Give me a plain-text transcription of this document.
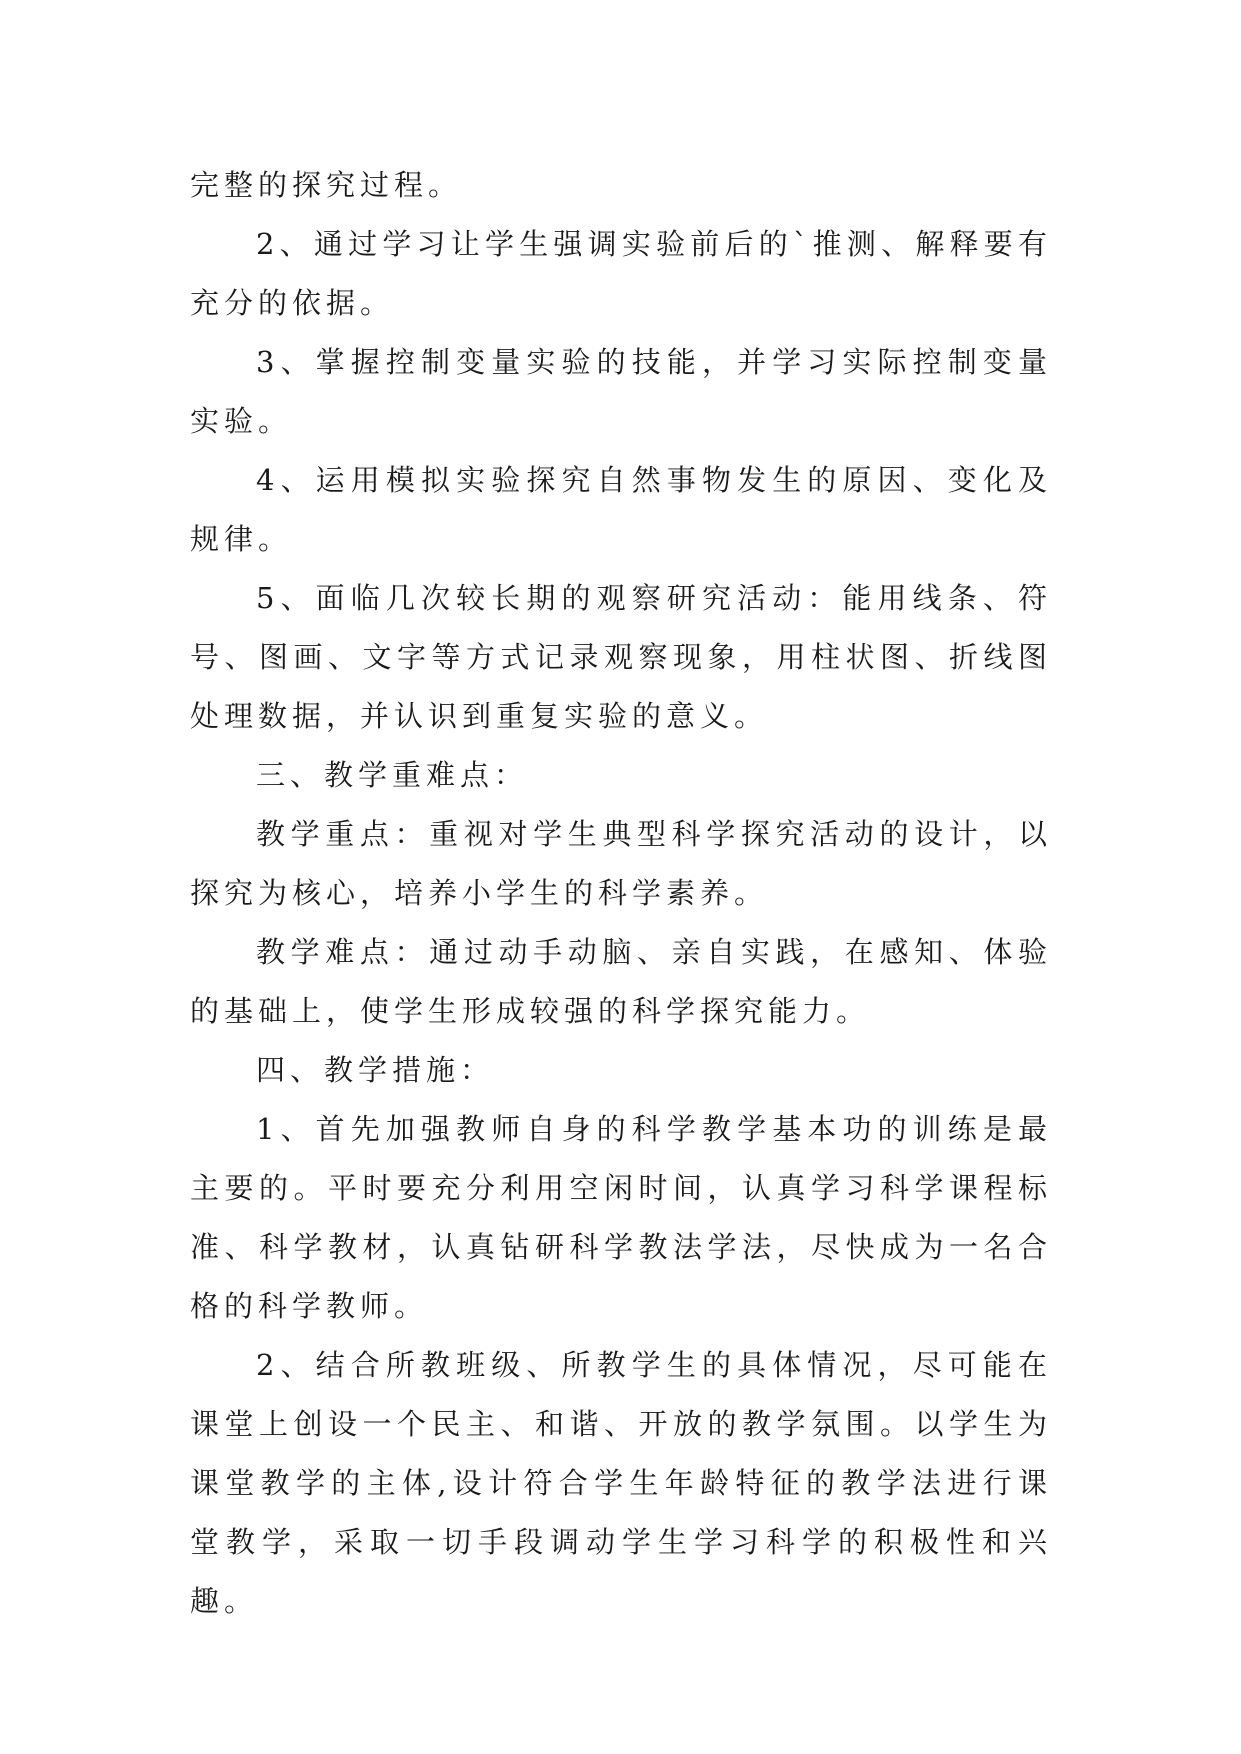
完整的探究过程。

2、通过学习让学生强调实验前后的`推测、解释要有充分的依据。

3、掌握控制变量实验的技能，并学习实际控制变量实验。

4、运用模拟实验探究自然事物发生的原因、变化及规律。

5、面临几次较长期的观察研究活动：能用线条、符号、图画、文字等方式记录观察现象，用柱状图、折线图处理数据，并认识到重复实验的意义。

三、教学重难点：

教学重点：重视对学生典型科学探究活动的设计，以探究为核心，培养小学生的科学素养。

教学难点：通过动手动脑、亲自实践，在感知、体验的基础上，使学生形成较强的科学探究能力。

四、教学措施：

1、首先加强教师自身的科学教学基本功的训练是最主要的。平时要充分利用空闲时间，认真学习科学课程标准、科学教材，认真钻研科学教法学法，尽快成为一名合格的科学教师。

2、结合所教班级、所教学生的具体情况，尽可能在课堂上创设一个民主、和谐、开放的教学氛围。以学生为课堂教学的主体,设计符合学生年龄特征的教学法进行课堂教学，采取一切手段调动学生学习科学的积极性和兴趣。
